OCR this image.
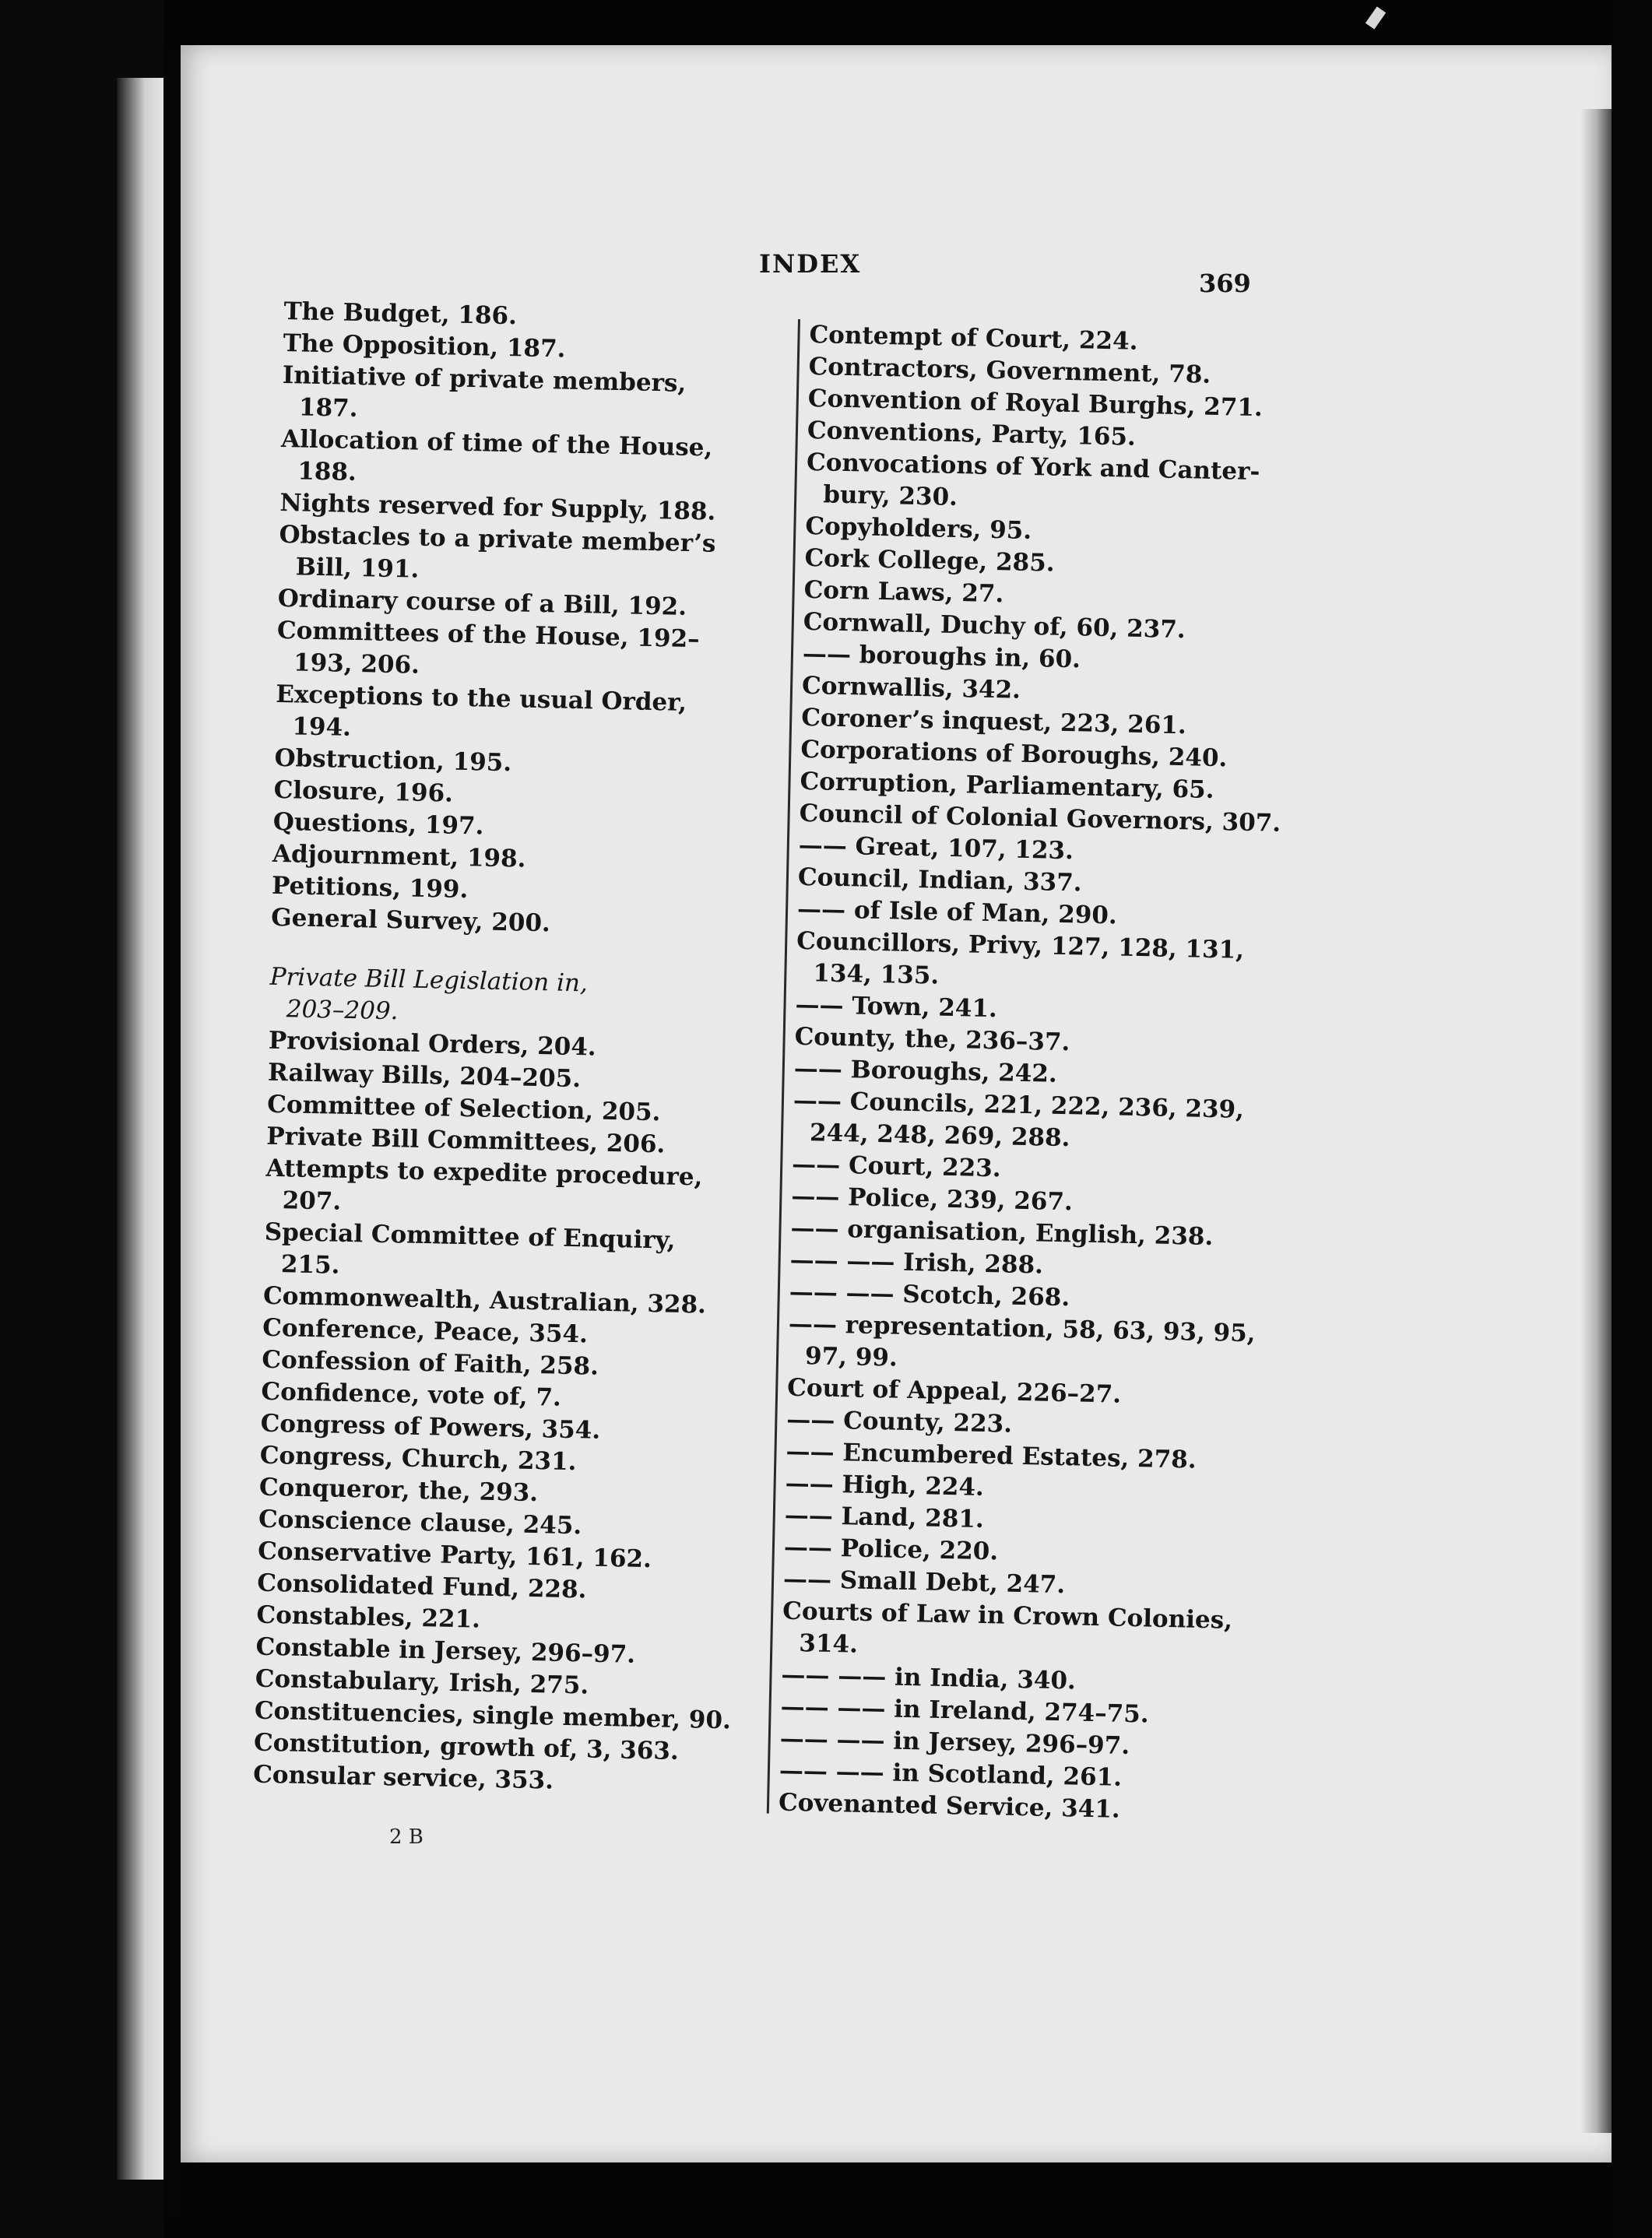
INDEX
369
The Budget, 186.
The Opposition, 187.
Initiative of private members,
187.
Allocation of time of the House,
188.
Nights reserved for Supply, 188.
Obstacles to a private member’s
Bill, 191.
Ordinary course of a Bill, 192.
Committees of the House, 192–
193, 206.
Exceptions to the usual Order,
194.
Obstruction, 195.
Closure, 196.
Questions, 197.
Adjournment, 198.
Petitions, 199.
General Survey, 200.
Private Bill Legislation in,
203–209.
Provisional Orders, 204.
Railway Bills, 204–205.
Committee of Selection, 205.
Private Bill Committees, 206.
Attempts to expedite procedure,
207.
Special Committee of Enquiry,
215.
Commonwealth, Australian, 328.
Conference, Peace, 354.
Confession of Faith, 258.
Confidence, vote of, 7.
Congress of Powers, 354.
Congress, Church, 231.
Conqueror, the, 293.
Conscience clause, 245.
Conservative Party, 161, 162.
Consolidated Fund, 228.
Constables, 221.
Constable in Jersey, 296–97.
Constabulary, Irish, 275.
Constituencies, single member, 90.
Constitution, growth of, 3, 363.
Consular service, 353.
Contempt of Court, 224.
Contractors, Government, 78.
Convention of Royal Burghs, 271.
Conventions, Party, 165.
Convocations of York and Canter-
bury, 230.
Copyholders, 95.
Cork College, 285.
Corn Laws, 27.
Cornwall, Duchy of, 60, 237.
—— boroughs in, 60.
Cornwallis, 342.
Coroner’s inquest, 223, 261.
Corporations of Boroughs, 240.
Corruption, Parliamentary, 65.
Council of Colonial Governors, 307.
—— Great, 107, 123.
Council, Indian, 337.
—— of Isle of Man, 290.
Councillors, Privy, 127, 128, 131,
134, 135.
—— Town, 241.
County, the, 236–37.
—— Boroughs, 242.
—— Councils, 221, 222, 236, 239,
244, 248, 269, 288.
—— Court, 223.
—— Police, 239, 267.
—— organisation, English, 238.
—— —— Irish, 288.
—— —— Scotch, 268.
—— representation, 58, 63, 93, 95,
97, 99.
Court of Appeal, 226–27.
—— County, 223.
—— Encumbered Estates, 278.
—— High, 224.
—— Land, 281.
—— Police, 220.
—— Small Debt, 247.
Courts of Law in Crown Colonies,
314.
—— —— in India, 340.
—— —— in Ireland, 274–75.
—— —— in Jersey, 296–97.
—— —— in Scotland, 261.
Covenanted Service, 341.
2 B
